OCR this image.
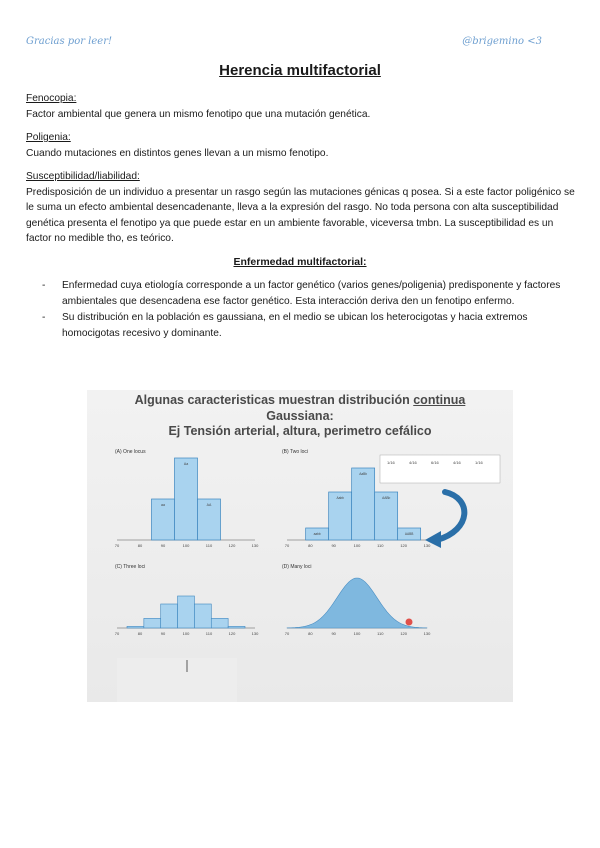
Gracias por leer!	@brigemino <3
Herencia multifactorial
Fenocopia:
Factor ambiental que genera un mismo fenotipo que una mutación genética.
Poligenia:
Cuando mutaciones en distintos genes llevan a un mismo fenotipo.
Susceptibilidad/liabilidad:
Predisposición de un individuo a presentar un rasgo según las mutaciones génicas q posea. Si a este factor poligénico se le suma un efecto ambiental desencadenante, lleva a la expresión del rasgo. No toda persona con alta susceptibilidad genética presenta el fenotipo ya que puede estar en un ambiente favorable, viceversa tmbn. La susceptibilidad es un factor no medible tho, es teórico.
Enfermedad multifactorial:
- Enfermedad cuya etiología corresponde a un factor genético (varios genes/poligenia) predisponente y factores ambientales que desencadena ese factor genético. Esta interacción deriva den un fenotipo enfermo.
- Su distribución en la población es gaussiana, en el medio se ubican los heterocigotas y hacia extremos homocigotas recesivo y dominante.
Algunas caracteristicas muestran distribución continua
Gaussiana:
Ej Tensión arterial, altura, perimetro cefálico
(A) One locus	(B) Two loci
(C) Three loci	(D) Many loci
70	80	90	100	110	120	130
aa
Aa
AA
70	80	90	100	110	120	130
aabb
Aabb
AaBb
AABb
AABB
1/16	4/16	6/16	4/16	1/16
70	80	90	100	110	120	130	70	80	90	100	110	120	130
